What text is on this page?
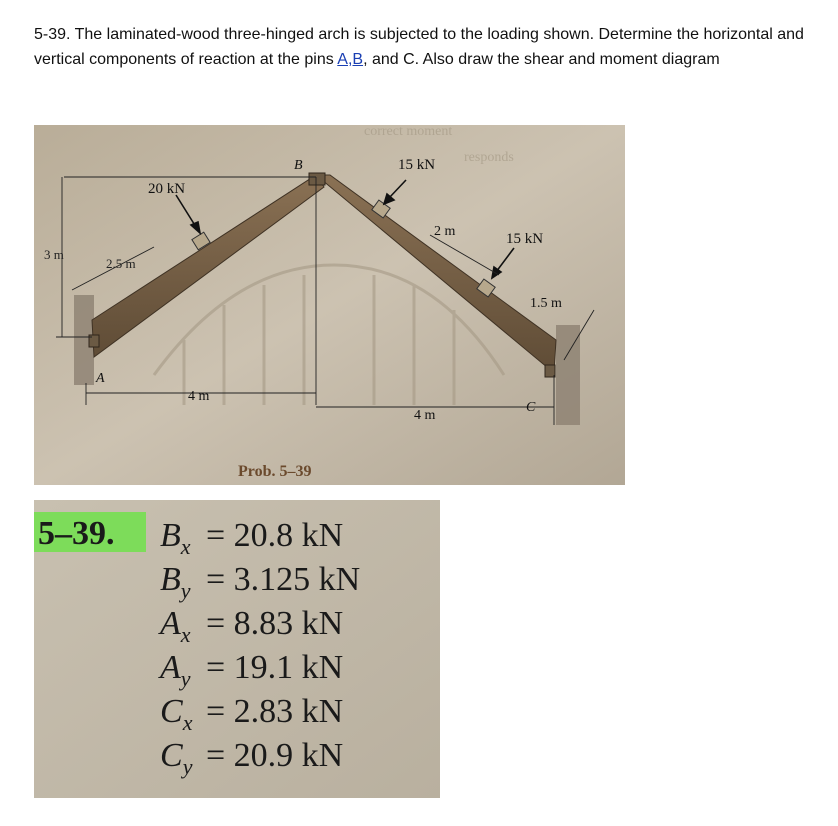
5-39. The laminated-wood three-hinged arch is subjected to the loading shown. Determine the horizontal and vertical components of reaction at the pins A,B, and C. Also draw the shear and moment diagram
correct moment
responds
B
A
C
20 kN
15 kN
15 kN
3 m
2.5 m
2 m
1.5 m
4 m
4 m
Prob. 5–39
5–39. $B_x = 20.8$ kN
$B_y = 3.125$ kN
$A_x = 8.83$ kN
$A_y = 19.1$ kN
$C_x = 2.83$ kN
$C_y = 20.9$ kN
